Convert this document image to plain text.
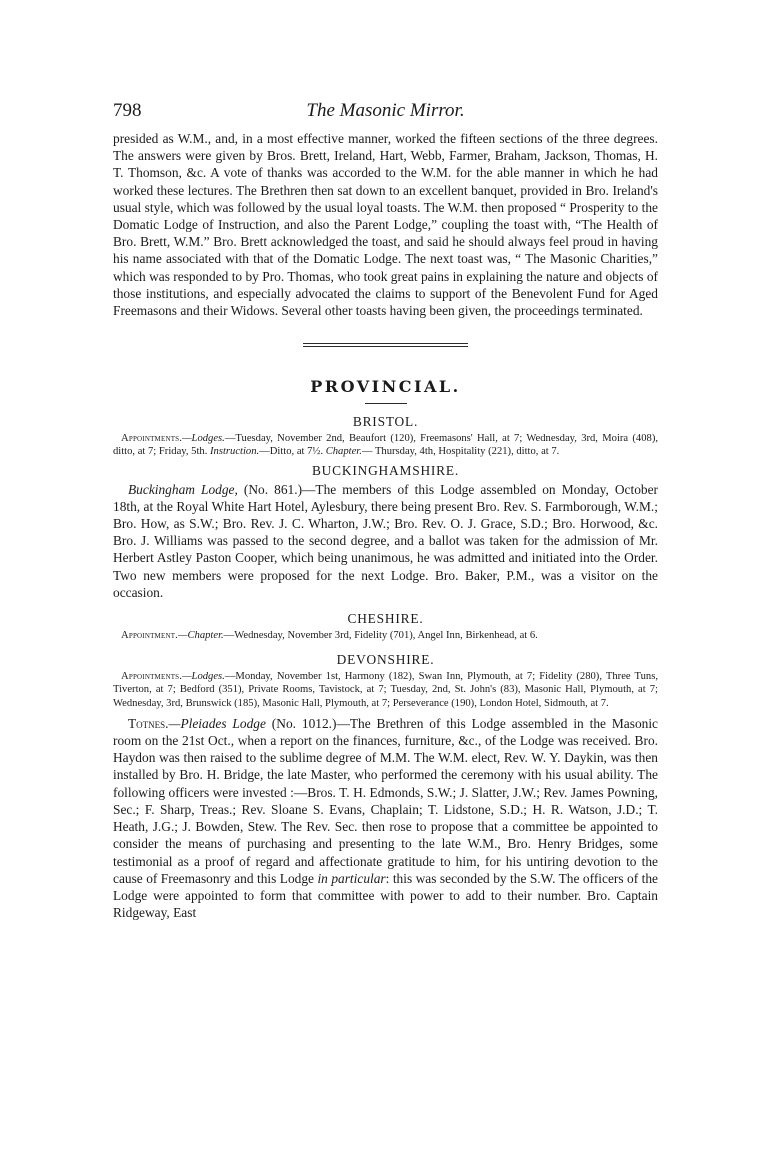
798	The Masonic Mirror.

presided as W.M., and, in a most effective manner, worked the fifteen sections of the three degrees. The answers were given by Bros. Brett, Ireland, Hart, Webb, Farmer, Braham, Jackson, Thomas, H. T. Thomson, &c. A vote of thanks was accorded to the W.M. for the able manner in which he had worked these lectures. The Brethren then sat down to an excellent banquet, provided in Bro. Ireland's usual style, which was followed by the usual loyal toasts. The W.M. then proposed “ Prosperity to the Domatic Lodge of Instruction, and also the Parent Lodge,” coupling the toast with, “The Health of Bro. Brett, W.M.” Bro. Brett acknowledged the toast, and said he should always feel proud in having his name associated with that of the Domatic Lodge. The next toast was, “ The Masonic Charities,” which was responded to by Pro. Thomas, who took great pains in explaining the nature and objects of those institutions, and especially advocated the claims to support of the Benevolent Fund for Aged Freemasons and their Widows. Several other toasts having been given, the proceedings terminated.

PROVINCIAL.
BRISTOL.

Appointments.—Lodges.—Tuesday, November 2nd, Beaufort (120), Freemasons' Hall, at 7; Wednesday, 3rd, Moira (408), ditto, at 7; Friday, 5th. Instruction.—Ditto, at 7½. Chapter.— Thursday, 4th, Hospitality (221), ditto, at 7.

BUCKINGHAMSHIRE.

Buckingham Lodge, (No. 861.)—The members of this Lodge assembled on Monday, October 18th, at the Royal White Hart Hotel, Aylesbury, there being present Bro. Rev. S. Farmborough, W.M.; Bro. How, as S.W.; Bro. Rev. J. C. Wharton, J.W.; Bro. Rev. O. J. Grace, S.D.; Bro. Horwood, &c. Bro. J. Williams was passed to the second degree, and a ballot was taken for the admission of Mr. Herbert Astley Paston Cooper, which being unanimous, he was admitted and initiated into the Order. Two new members were proposed for the next Lodge. Bro. Baker, P.M., was a visitor on the occasion.

CHESHIRE.

Appointment.—Chapter.—Wednesday, November 3rd, Fidelity (701), Angel Inn, Birkenhead, at 6.

DEVONSHIRE.

Appointments.—Lodges.—Monday, November 1st, Harmony (182), Swan Inn, Plymouth, at 7; Fidelity (280), Three Tuns, Tiverton, at 7; Bedford (351), Private Rooms, Tavistock, at 7; Tuesday, 2nd, St. John's (83), Masonic Hall, Plymouth, at 7; Wednesday, 3rd, Brunswick (185), Masonic Hall, Plymouth, at 7; Perseverance (190), London Hotel, Sidmouth, at 7.

Totnes.—Pleiades Lodge (No. 1012.)—The Brethren of this Lodge assembled in the Masonic room on the 21st Oct., when a report on the finances, furniture, &c., of the Lodge was received. Bro. Haydon was then raised to the sublime degree of M.M. The W.M. elect, Rev. W. Y. Daykin, was then installed by Bro. H. Bridge, the late Master, who performed the ceremony with his usual ability. The following officers were invested :—Bros. T. H. Edmonds, S.W.; J. Slatter, J.W.; Rev. James Powning, Sec.; F. Sharp, Treas.; Rev. Sloane S. Evans, Chaplain; T. Lidstone, S.D.; H. R. Watson, J.D.; T. Heath, J.G.; J. Bowden, Stew. The Rev. Sec. then rose to propose that a committee be appointed to consider the means of purchasing and presenting to the late W.M., Bro. Henry Bridges, some testimonial as a proof of regard and affectionate gratitude to him, for his untiring devotion to the cause of Freemasonry and this Lodge in particular: this was seconded by the S.W. The officers of the Lodge were appointed to form that committee with power to add to their number. Bro. Captain Ridgeway, East
